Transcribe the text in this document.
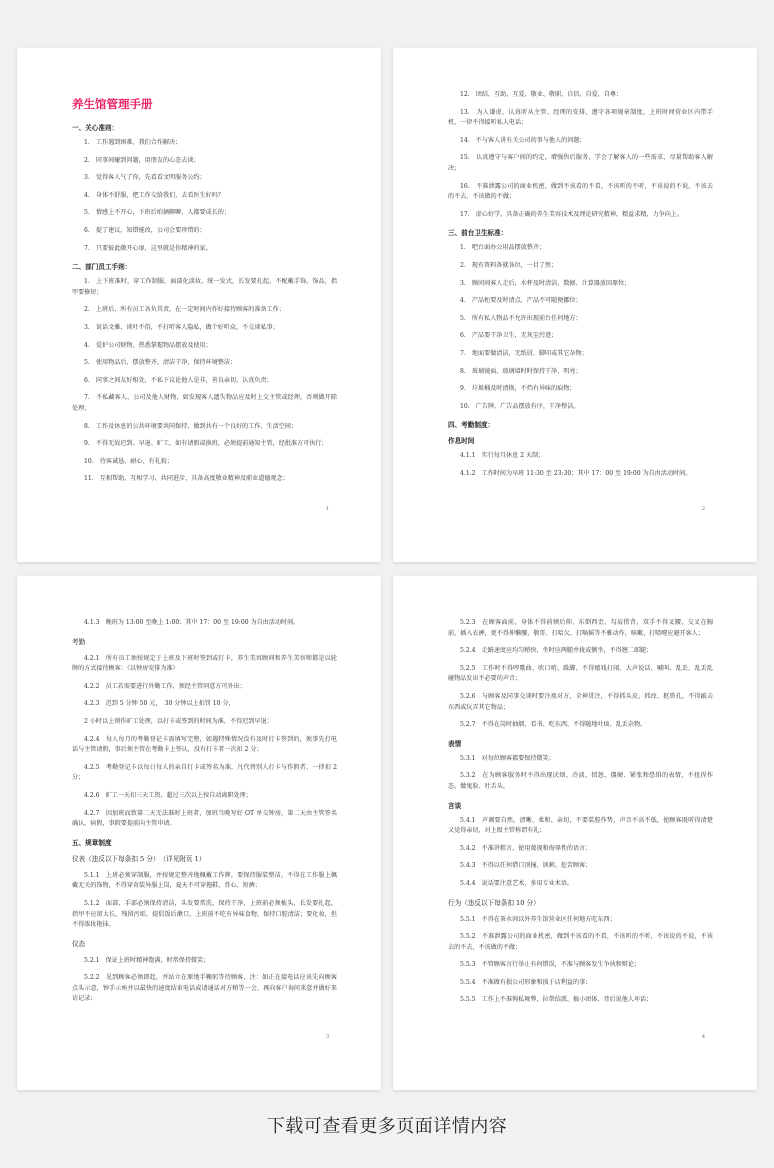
养生馆管理手册
一、关心准则：
1.　工作遇到困难，我们合作解决；
2.　同事间碰到问题，用朋友的心态去谈；
3.　觉得客人气了你，先看看文明服务公约；
4.　身体不舒服，把工作交给我们，去看医生好吗？
5.　情感上不开心，下班后咱俩聊聊，人都要成长的；
6.　提了建议，知错能改，公司会要珍惜的；
7.　只要彼此敞开心扉，这里就是你精神的家。
二、部门员工手则：
1.　上下班准时，穿工作制服，面部化淡妆，统一发式，长发要扎起，不配戴手饰、饰品，指甲要修短；
2.　上班后，所有员工各负其责，在一定时间内作好接待顾客的准备工作；
3.　说话文雅、谈吐不俗，不打听客人隐私，做个好听众，不交谈私事；
4.　爱护公司财物、热悉掌握物品摆放及使用；
5.　使用物品后，摆放整齐，清洁干净，保持环境整洁；
6.　同事之间友好相处，不私下议论他人是非，善良亲切，认真负责；
7.　不私藏客人、公司及他人财物，如发现客人遗失物品应及时上交主管或经理，否则做开除处理；
8.　工作及休息的公共环境要共同保持，做到共有一个良好的工作、生活空间；
9.　不得无故迟到、早退、旷工，如有请假或换班，必须提前通知主管，经批准方可执行；
10.　待客诚恳、耐心、有礼貌；
11.　互相帮助、互相学习、共同进步，具备高度敬业精神及职业道德观念；
1
12.　团结、互助、互爱、敬业、敬职、自信、自爱、自尊；
13.　为人谦虚，认真听从主管、经理的安排，遵守各项规章制度，上班时间营业区内带手机，一律不得接听私人电话；
14.　不与客人讲有关公司的事与他人的问题；
15.　认真遵守与客户间的约定，增强售后服务，学会了解客人的一些需求，尽量帮助客人解决；
16.　不准泄露公司的商业机密，做到不该看的不看，不该听的不听，不该说的不说，不该去的不去，不该做的不做；
17.　虚心好学，具备正确的养生美容技术及理论研究精神，精益求精，力争向上。
三、前台卫生标准：
1.　吧台面办公用品摆放整齐；
2.　现有资料备就各位，一目了然；
3.　顾问间客人走后，水杯及时清洁，数据、计算器放回原位；
4.　产品柜要及时清点，产品不可随便挪位；
5.　所有私人物品不允许出现前台任何地方；
6.　产品要干净卫生，无灰尘污迹；
7.　地面要做清洁，无纸屑、脚印或其它杂物；
8.　玻璃镜面、玻璃墙时时保持干净、明亮；
9.　垃圾桶及时清换，不挡有异味的痕物；
10.　广告牌、广告品摆放有序，干净整洁。
四、考勤制度：
作息时间
4.1.1　实行每月休息 2 天制；
4.1.2　工作时间为早班 11:30 至 23:30；其中 17：00 至 19:00 为自由活动时间。
2
4.1.3　晚班为 13:00 至晚上 1:00；其中 17：00 至 19:00 为自由活动时间。
考勤
4.2.1　所有员工须按规定于上班及下班时签到或打卡，养生美容顾问和养生美容师都是以轮牌的方式接待顾客：（以钟房安排为准）
4.2.2　员工若需要进行外勤工作，须经主管同意方可外出；
4.2.3　迟到 5 分钟 50 元，　30 分钟以上扣罚 10 分，
2 小时以上则作旷工处理，以打卡或签到的时间为准，不得迟到早退；
4.2.4　每人每月的考勤登记卡需填写完整，如遇特殊情况没有及时打卡签到的，须事先打电话与主管请假，事后须主管在考勤卡上签认，没有打卡者一次扣 2 分；
4.2.5　考勤登记卡以每日每人的亲自打卡或签名为准，凡代替别人打卡与作假者，一律扣 2 分；
4.2.6　旷工一天扣三天工资，超过三次以上按自动离职处理；
4.2.7　因加班而致第二天无法准时上班者，加班当晚写好 OT 单交钟房，第二天由主管签名确认，病假，事假要提前向主管申请。
五、规章制度
仪表（违反以下每条扣 5 分）　（详见附页 1）
5.1.1　上班必须穿制服，并按规定整齐地佩戴工作牌，要保持服装整洁，不得在工作服上佩戴无关的饰物，不得穿奇装异服上岗，夏天不可穿拖鞋、背心、短裤；
5.1.2　面部、手部必须保持清洁，头发要常洗、保持干净，上班前必须梳头，长发要扎起，指甲不应留太长，残留污垢，提倡饭后漱口，上班前不吃有异味食物，保持口腔清洁；要化妆，但不得浓妆艳抹。
仪态
5.2.1　保证上班时精神饱满，时常保持微笑；
5.2.2　见到顾客必须即起，并站立在原地手鞠躬等待顾客，注：如正在接电话应该先向顾客点头示意，钟手示座并以最快的速度结束电话或请通话对方稍等一会，再向客户询问来意并做好来访记录；
3
5.2.3　在顾客面前，身体不得前倾后仰、东倒西歪、勾肩搭背、双手不得叉腰、交叉在胸前，插入衣裤，更不得伸懒腰、敬哥、打哈欠、打嗝摇等不雅动作，咳嗽、打喷嚏应避开客人；
5.2.4　走路速度应均匀稍快，坐时应两腿并拢或侧坐，不得翘二郎腿；
5.2.5　工作时不得哼歌曲、吹口哨、跺脚、不得嬉戏打闹、大声说话、喊叫、乱丢、乱丢乱碰物品发出不必要的声音；
5.2.6　与顾客及同事交谈时要注视对方，全神贯注，不得抓头皮、抓痒、抠鼻孔，不得敲击东西或玩弄其它物品；
5.2.7　不得在岗时抽烟、看书、吃东西、不得随地吐痰、乱丢杂物。
表情
5.3.1　对每位顾客都要保持微笑；
5.3.2　在为顾客服务时不得出现厌烦、冷淡、愤怒、僵硬、紧张和恐惧的表情，不扭捏作态、做鬼脸、吐舌头。
言谈
5.4.1　声调要自然，清晰、柔和、亲切，不要装腔作势，声音不高不低，使顾客既听得清楚又觉得亲切，对上级主管称谓有礼；
5.4.2　不准讲粗言、使用蔑视和侮辱性的语言；
5.4.3　不得以任何借口顶撞、讽刺、挖苦顾客；
5.4.4　说话要注意艺术，多用专业术语。
行为（违反以下每条扣 10 分）
5.5.1　不得在茶水间以外养生馆营业区任何地方吃东西；
5.5.2　不准泄露公司的商业机密，做到不该看的不看，不该听的不听，不该说的不说，不该去的不去，不该做的不做；
5.5.3　不管顾客言行举止有何错误，不准与顾客发生争执和辩论；
5.5.4　不准做有损公司形象和损于店利益的事；
5.5.5　工作上不准徇私舞弊、拉帮结派、搞小团体、背后说他人坏话；
4
下载可查看更多页面详情内容
